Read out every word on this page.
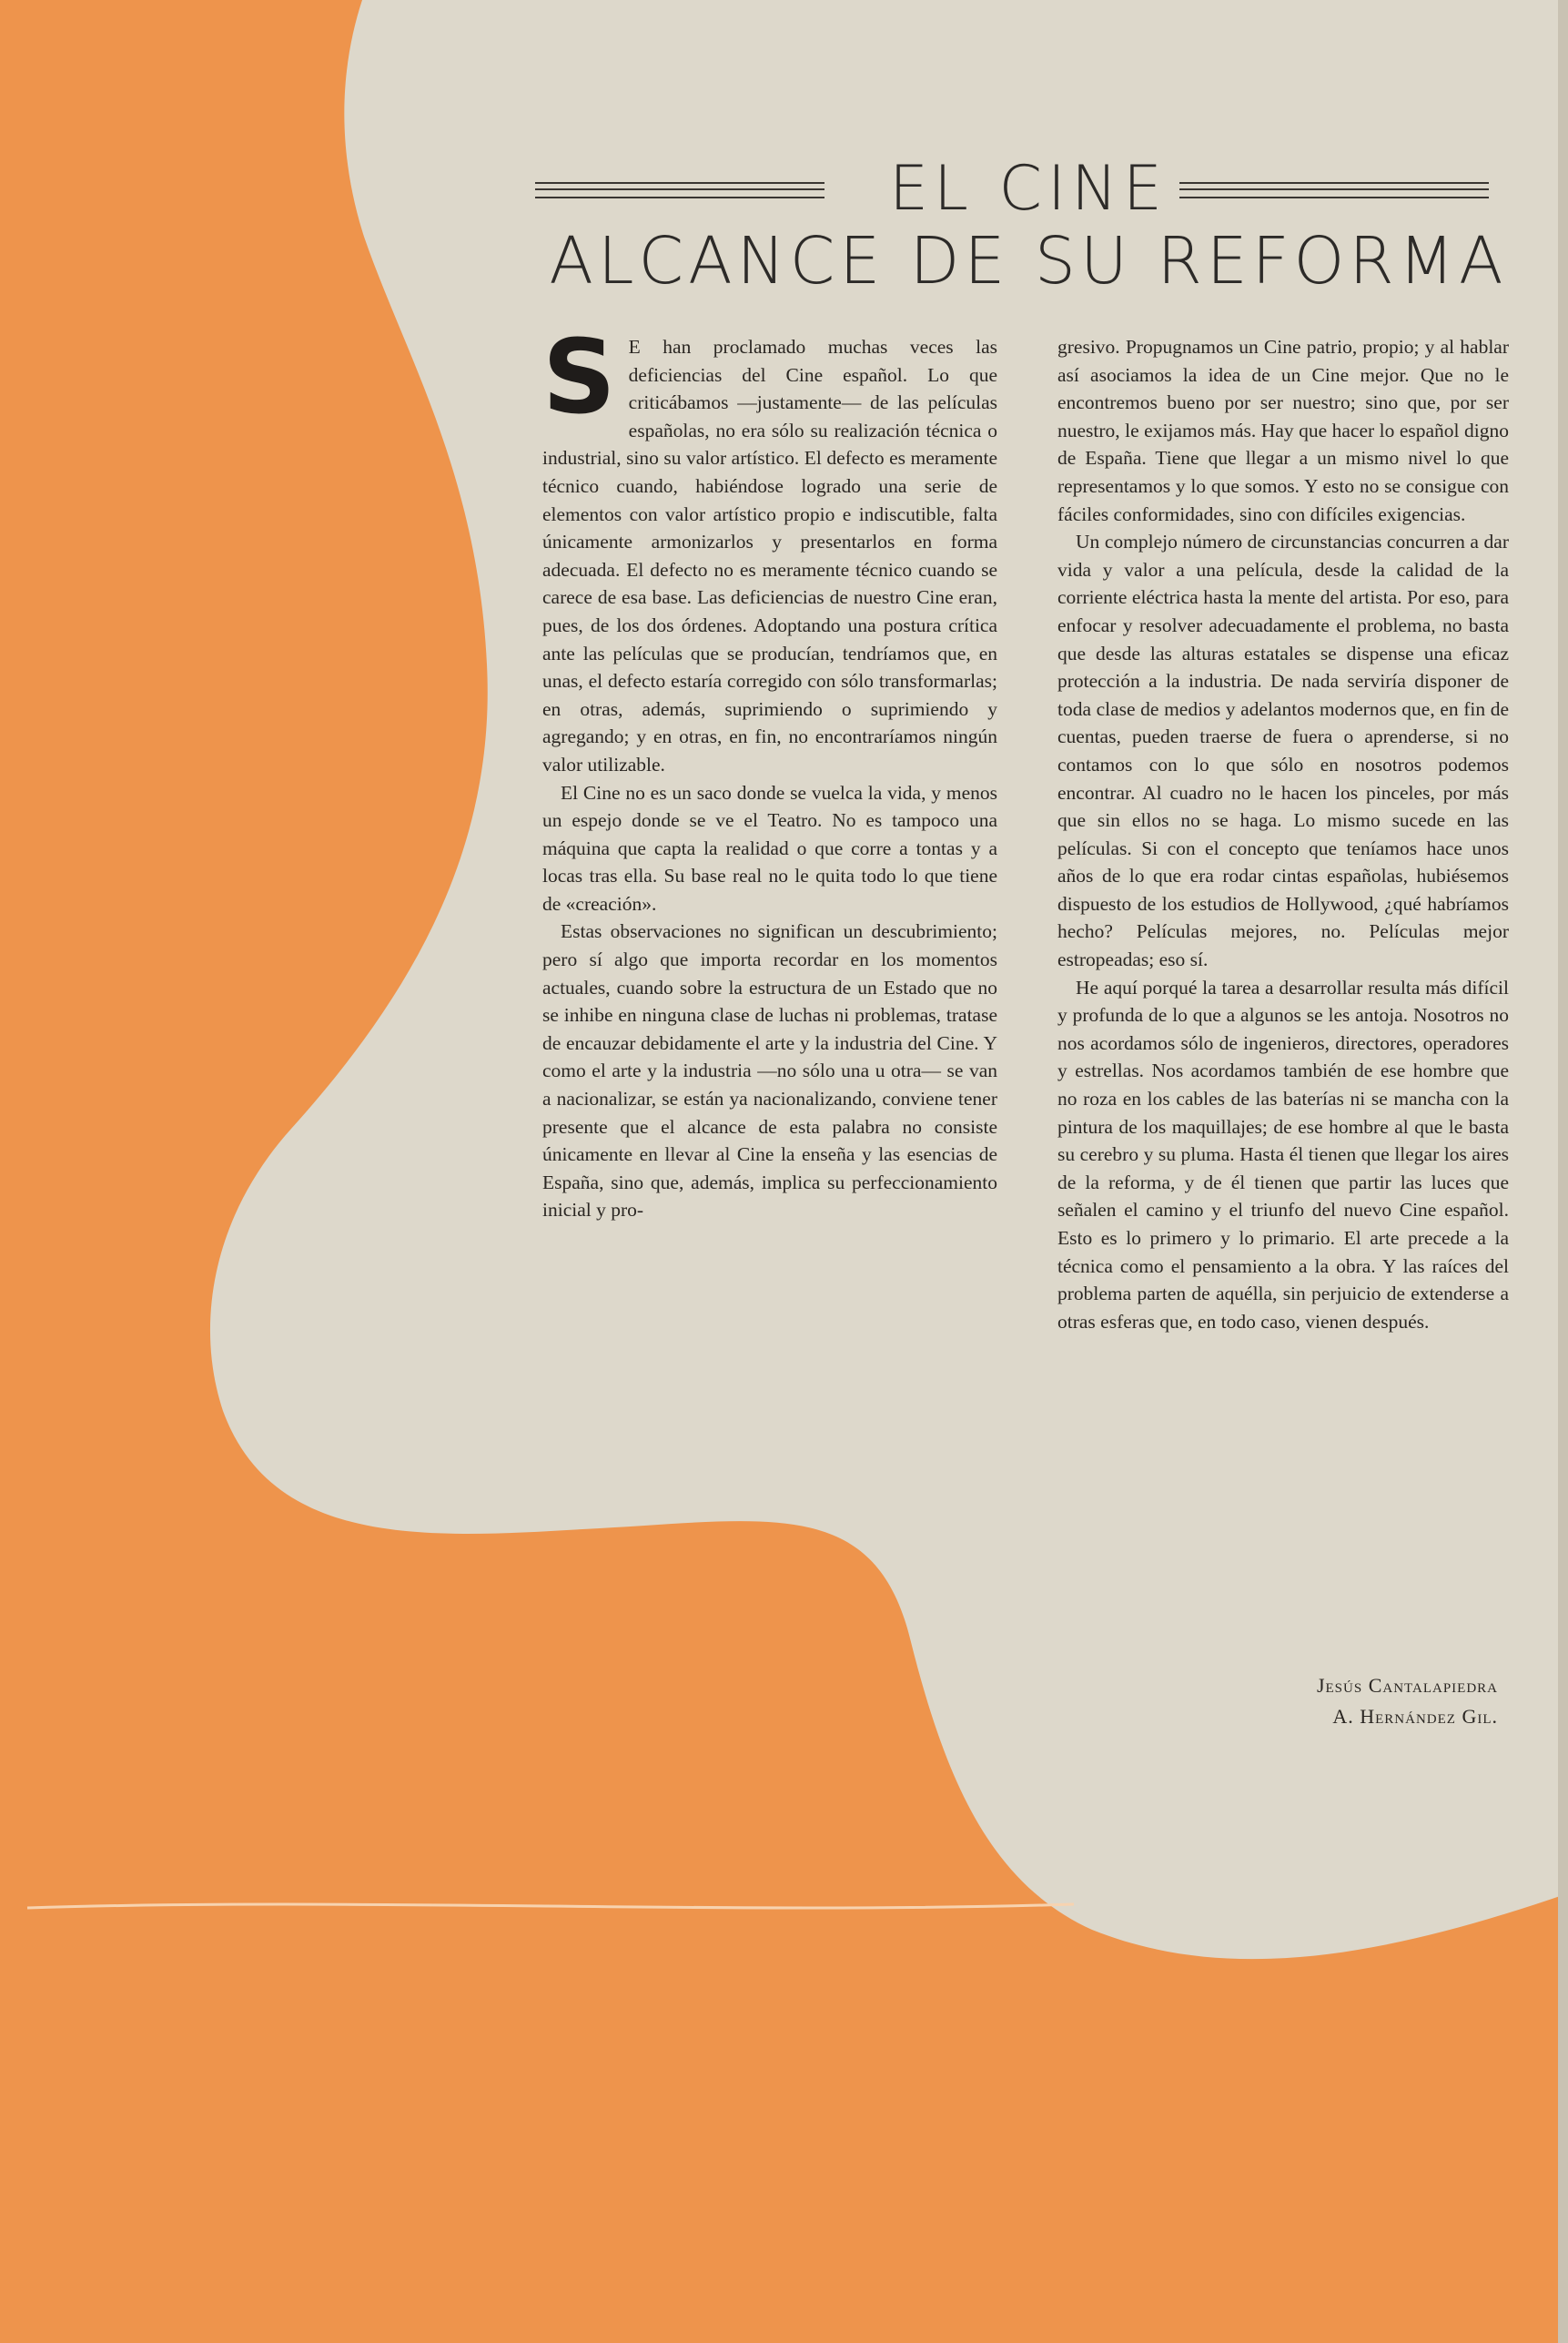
EL CINE
ALCANCE DE SU REFORMA

S E han proclamado muchas veces las deficiencias del Cine español. Lo que criticábamos —justamente— de las películas españolas, no era sólo su realización técnica o industrial, sino su valor artístico. El defecto es meramente técnico cuando, habiéndose logrado una serie de elementos con valor artístico propio e indiscutible, falta únicamente armonizarlos y presentarlos en forma adecuada. El defecto no es meramente técnico cuando se carece de esa base. Las deficiencias de nuestro Cine eran, pues, de los dos órdenes. Adoptando una postura crítica ante las películas que se producían, tendríamos que, en unas, el defecto estaría corregido con sólo transformarlas; en otras, además, suprimiendo o suprimiendo y agregando; y en otras, en fin, no encontraríamos ningún valor utilizable.

El Cine no es un saco donde se vuelca la vida, y menos un espejo donde se ve el Teatro. No es tampoco una máquina que capta la realidad o que corre a tontas y a locas tras ella. Su base real no le quita todo lo que tiene de «creación».

Estas observaciones no significan un descubrimiento; pero sí algo que importa recordar en los momentos actuales, cuando sobre la estructura de un Estado que no se inhibe en ninguna clase de luchas ni problemas, tratase de encauzar debidamente el arte y la industria del Cine. Y como el arte y la industria —no sólo una u otra— se van a nacionalizar, se están ya nacionalizando, conviene tener presente que el alcance de esta palabra no consiste únicamente en llevar al Cine la enseña y las esencias de España, sino que, además, implica su perfeccionamiento inicial y pro-

gresivo. Propugnamos un Cine patrio, propio; y al hablar así asociamos la idea de un Cine mejor. Que no le encontremos bueno por ser nuestro; sino que, por ser nuestro, le exijamos más. Hay que hacer lo español digno de España. Tiene que llegar a un mismo nivel lo que representamos y lo que somos. Y esto no se consigue con fáciles conformidades, sino con difíciles exigencias.

Un complejo número de circunstancias concurren a dar vida y valor a una película, desde la calidad de la corriente eléctrica hasta la mente del artista. Por eso, para enfocar y resolver adecuadamente el problema, no basta que desde las alturas estatales se dispense una eficaz protección a la industria. De nada serviría disponer de toda clase de medios y adelantos modernos que, en fin de cuentas, pueden traerse de fuera o aprenderse, si no contamos con lo que sólo en nosotros podemos encontrar. Al cuadro no le hacen los pinceles, por más que sin ellos no se haga. Lo mismo sucede en las películas. Si con el concepto que teníamos hace unos años de lo que era rodar cintas españolas, hubiésemos dispuesto de los estudios de Hollywood, ¿qué habríamos hecho? Películas mejores, no. Películas mejor estropeadas; eso sí.

He aquí porqué la tarea a desarrollar resulta más difícil y profunda de lo que a algunos se les antoja. Nosotros no nos acordamos sólo de ingenieros, directores, operadores y estrellas. Nos acordamos también de ese hombre que no roza en los cables de las baterías ni se mancha con la pintura de los maquillajes; de ese hombre al que le basta su cerebro y su pluma. Hasta él tienen que llegar los aires de la reforma, y de él tienen que partir las luces que señalen el camino y el triunfo del nuevo Cine español. Esto es lo primero y lo primario. El arte precede a la técnica como el pensamiento a la obra. Y las raíces del problema parten de aquélla, sin perjuicio de extenderse a otras esferas que, en todo caso, vienen después.

Jesús Cantalapiedra
A. Hernández Gil.
